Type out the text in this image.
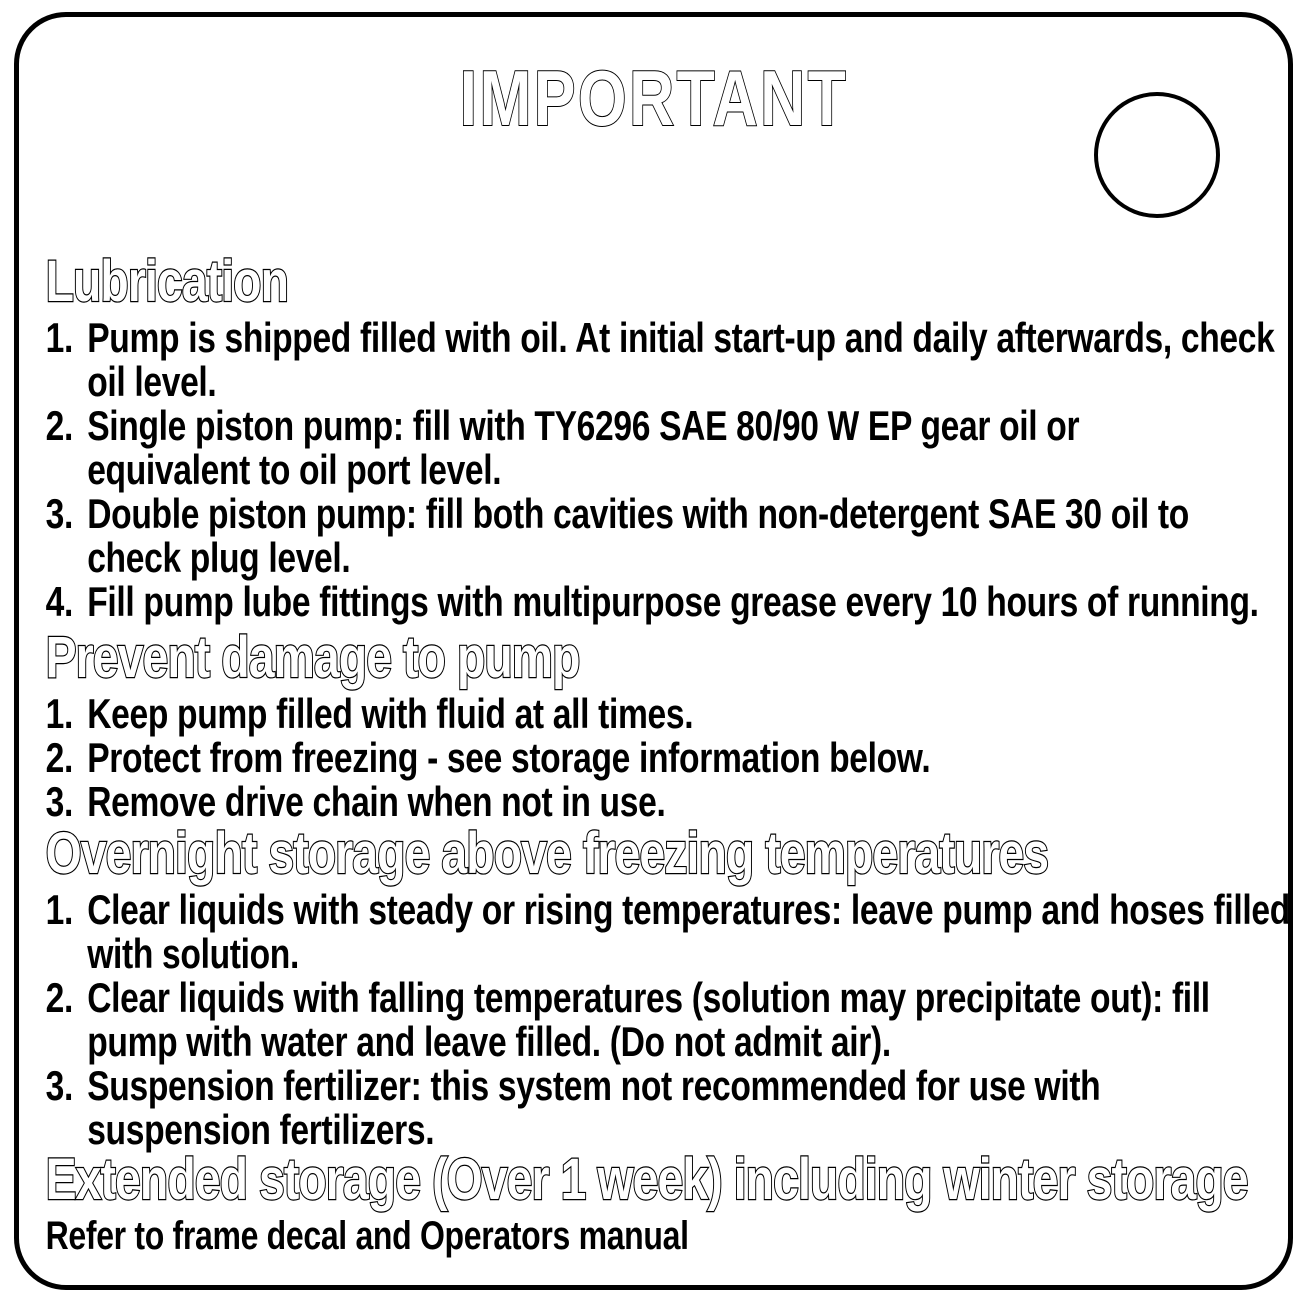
IMPORTANT
Lubrication
1. Pump is shipped filled with oil. At initial start-up and daily afterwards, check
oil level.
2. Single piston pump: fill with TY6296 SAE 80/90 W EP gear oil or
equivalent to oil port level.
3. Double piston pump: fill both cavities with non-detergent SAE 30 oil to
check plug level.
4. Fill pump lube fittings with multipurpose grease every 10 hours of running.
Prevent damage to pump
1. Keep pump filled with fluid at all times.
2. Protect from freezing - see storage information below.
3. Remove drive chain when not in use.
Overnight storage above freezing temperatures
1. Clear liquids with steady or rising temperatures: leave pump and hoses filled
with solution.
2. Clear liquids with falling temperatures (solution may precipitate out): fill
pump with water and leave filled. (Do not admit air).
3. Suspension fertilizer: this system not recommended for use with
suspension fertilizers.
Extended storage (Over 1 week) including winter storage
Refer to frame decal and Operators manual
